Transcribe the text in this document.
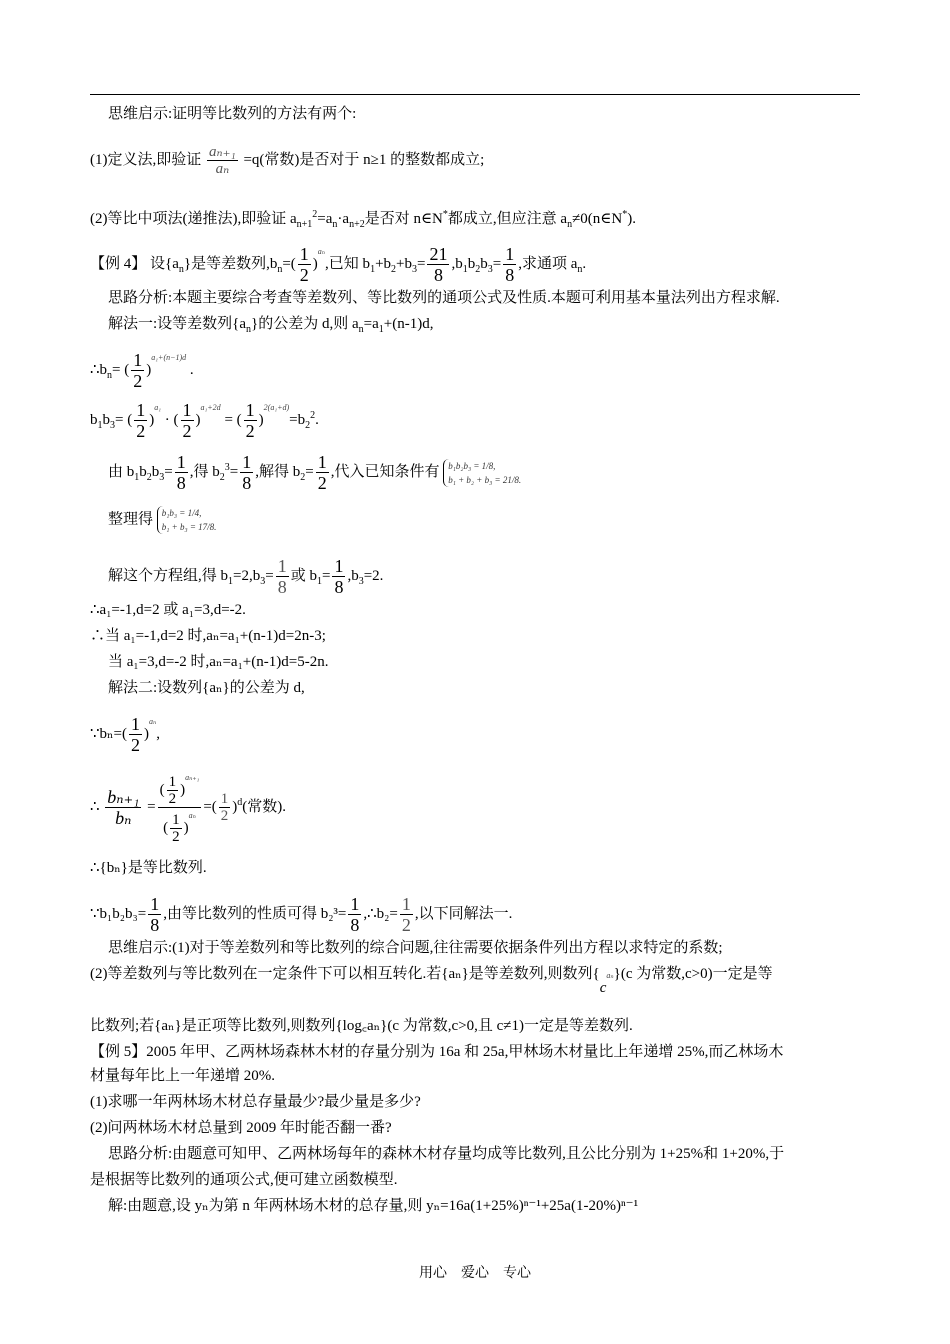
思维启示:证明等比数列的方法有两个:
(1)定义法,即验证 $\frac{\text{aₙ₊₁}}{\text{aₙ}} =q$(常数)是否对于 n≥1 的整数都成立;
(2)等比中项法(递推法),即验证 $a_{n+1}^2=a_n\cdot a_{n+2}$是否对 n∈N*都成立,但应注意 $a_n\ne 0(n\in N^*)$.
【例 4】 设$\{a_n\}$是等差数列$,b_n=( \frac{1}{2} )^{a_n}$,已知 $b_1+b_2+b_3= \frac{21}{8} ,b_1b_2b_3= \frac{1}{8}$ ,求通项 $a_n$.
思路分析:本题主要综合考查等差数列、等比数列的通项公式及性质.本题可利用基本量法列出方程求解.
解法一:设等差数列$\{a_n\}$的公差为 d,则 $a_n=a_1+(n-1)d$,
$\therefore b_n=$ ( $\frac{1}{2} )^{a_1+(n-1)d}$ .
$b_1b_3=$ ( $\frac{1}{2} )^{a_1}$ · ( $\frac{1}{2} )^{a_1+2d}$ = ( $\frac{1}{2} )^{2(a_1+d)}=b_2^2$.
由 $b_1b_2b_3= \frac{1}{8}$ ,得 $b_2^3= \frac{1}{8}$ ,解得 $b_2= \frac{1}{2}$ ,代入已知条件有 b₁b₂b₃ = 1/8,
b₁ + b₂ + b₃ = 21/8.
整理得 b₁b₃ = 1/4,
b₁ + b₃ = 17/8.
解这个方程组,得 $b_1=2,b_3= \frac{1}{8}$ 或 $b_1= \frac{1}{8} ,b_3=2$.
∴a₁=-1,d=2 或 a₁=3,d=-2.
∴当 a₁=-1,d=2 时,aₙ=a₁+(n-1)d=2n-3;
当 a₁=3,d=-2 时,aₙ=a₁+(n-1)d=5-2n.
解法二:设数列{aₙ}的公差为 d,
∵bₙ=( $\frac{1}{2} )^{a_n}$,
∴ $\frac{\text{bₙ₊₁}}{\text{bₙ}} = \frac{( \frac{1}{2} )^{a_{n+1}}}{( \frac{1}{2} )^{a_n}}$ =( $\frac{1}{2} )^d$(常数).
∴{bₙ}是等比数列.
∵b₁b₂b₃= $\frac{1}{8}$ ,由等比数列的性质可得 $b_2^3= \frac{1}{8}$ ,∴b₂= $\frac{1}{2}$ ,以下同解法一.
思维启示:(1)对于等差数列和等比数列的综合问题,往往需要依据条件列出方程以求特定的系数;
(2)等差数列与等比数列在一定条件下可以相互转化.若{aₙ}是等差数列,则数列$\{c^{a_n}\}(c$ 为常数,c>0)一定是等
比数列;若{aₙ}是正项等比数列,则数列{log꜀aₙ}(c 为常数,c>0,且 c≠1)一定是等差数列.
【例 5】2005 年甲、乙两林场森林木材的存量分别为 16a 和 25a,甲林场木材量比上年递增 25%,而乙林场木
材量每年比上一年递增 20%.
(1)求哪一年两林场木材总存量最少?最少量是多少?
(2)问两林场木材总量到 2009 年时能否翻一番?
思路分析:由题意可知甲、乙两林场每年的森林木材存量均成等比数列,且公比分别为 1+25%和 1+20%,于
是根据等比数列的通项公式,便可建立函数模型.
解:由题意,设 yₙ为第 n 年两林场木材的总存量,则 yₙ=16a(1+25%)ⁿ⁻¹+25a(1-20%)ⁿ⁻¹
用心　爱心　专心
